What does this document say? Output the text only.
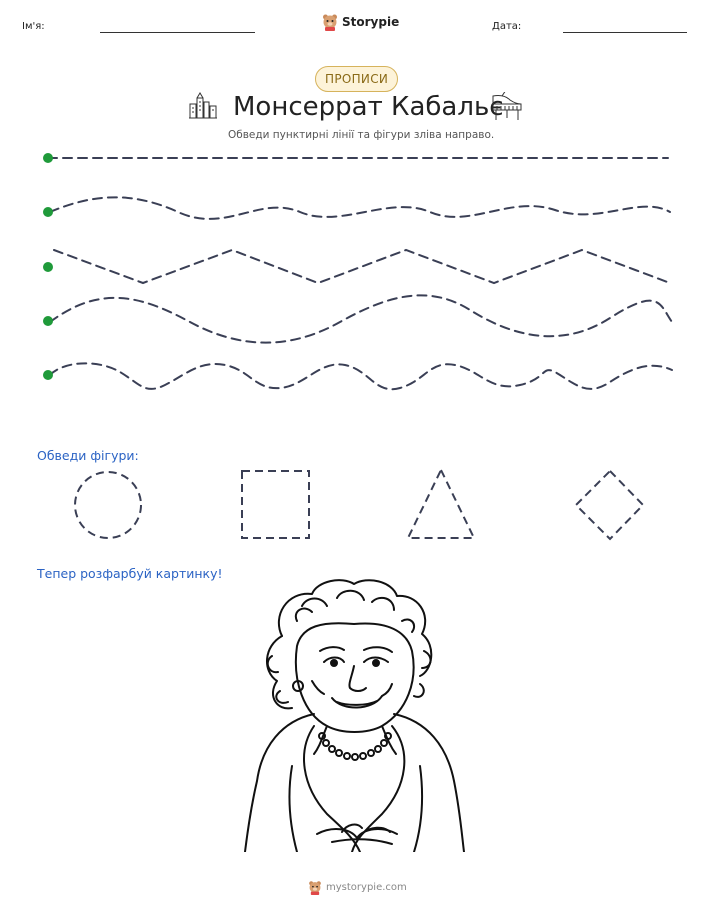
Ім'я:	Storypie	Дата:
ПРОПИСИ
Монсеррат Кабальє
Обведи пунктирні лінії та фігури зліва направо.
Обведи фігури:
Тепер розфарбуй картинку!
mystorypie.com
